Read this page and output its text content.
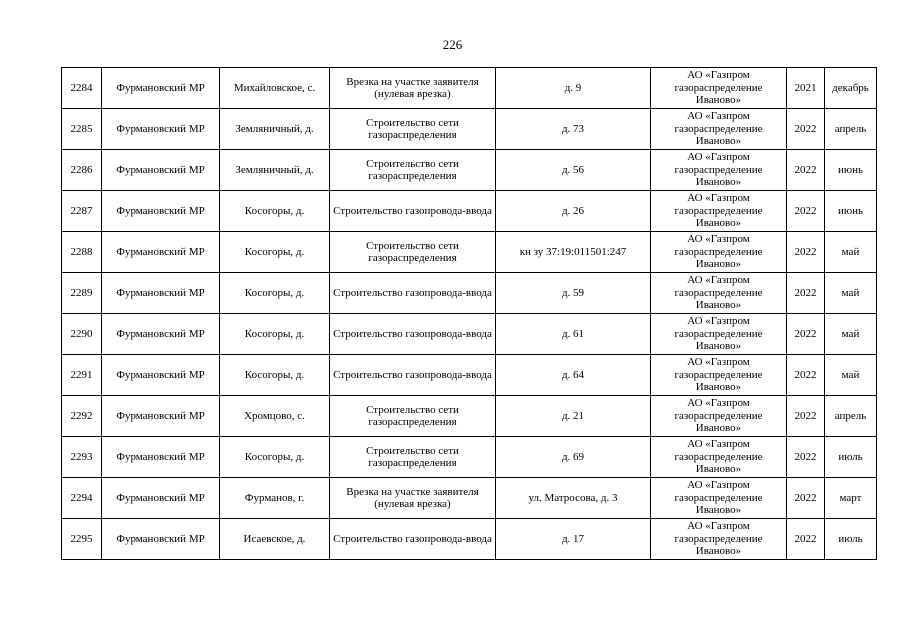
226
2284	Фурмановский МР	Михайловское, с.	Врезка на участке заявителя (нулевая врезка)	д. 9	АО «Газпром газораспределение Иваново»	2021	декабрь
2285	Фурмановский МР	Земляничный, д.	Строительство сети газораспределения	д. 73	АО «Газпром газораспределение Иваново»	2022	апрель
2286	Фурмановский МР	Земляничный, д.	Строительство сети газораспределения	д. 56	АО «Газпром газораспределение Иваново»	2022	июнь
2287	Фурмановский МР	Косогоры, д.	Строительство газопровода-ввода	д. 26	АО «Газпром газораспределение Иваново»	2022	июнь
2288	Фурмановский МР	Косогоры, д.	Строительство сети газораспределения	кн зу 37:19:011501:247	АО «Газпром газораспределение Иваново»	2022	май
2289	Фурмановский МР	Косогоры, д.	Строительство газопровода-ввода	д. 59	АО «Газпром газораспределение Иваново»	2022	май
2290	Фурмановский МР	Косогоры, д.	Строительство газопровода-ввода	д. 61	АО «Газпром газораспределение Иваново»	2022	май
2291	Фурмановский МР	Косогоры, д.	Строительство газопровода-ввода	д. 64	АО «Газпром газораспределение Иваново»	2022	май
2292	Фурмановский МР	Хромцово, с.	Строительство сети газораспределения	д. 21	АО «Газпром газораспределение Иваново»	2022	апрель
2293	Фурмановский МР	Косогоры, д.	Строительство сети газораспределения	д. 69	АО «Газпром газораспределение Иваново»	2022	июль
2294	Фурмановский МР	Фурманов, г.	Врезка на участке заявителя (нулевая врезка)	ул. Матросова, д. 3	АО «Газпром газораспределение Иваново»	2022	март
2295	Фурмановский МР	Исаевское, д.	Строительство газопровода-ввода	д. 17	АО «Газпром газораспределение Иваново»	2022	июль
